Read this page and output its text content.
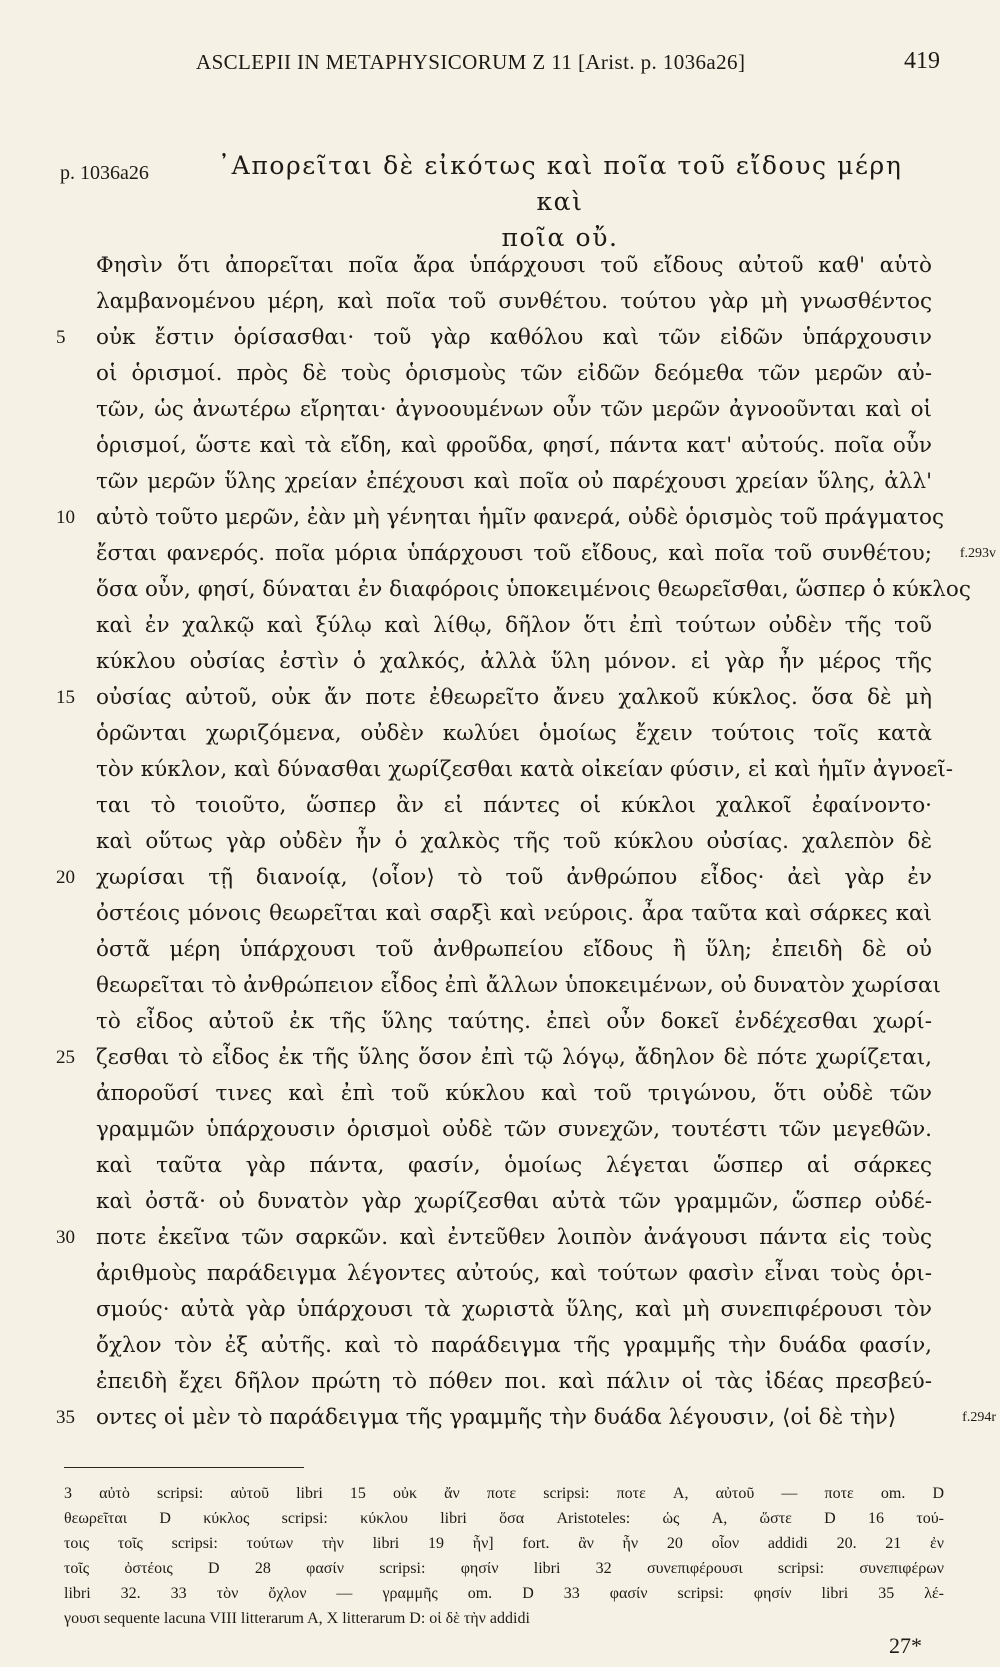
ASCLEPII IN METAPHYSICORUM Z 11 [Arist. p. 1036a26]	419
p. 1036a26	᾿Απορεῖται δὲ εἰκότως καὶ ποῖα τοῦ εἴδους μέρη καὶ
ποῖα οὔ.
Φησὶν ὅτι ἀπορεῖται ποῖα ἄρα ὑπάρχουσι τοῦ εἴδους αὐτοῦ καθ' αὑτὸ
λαμβανομένου μέρη, καὶ ποῖα τοῦ συνθέτου. τούτου γὰρ μὴ γνωσθέντος
5 οὐκ ἔστιν ὁρίσασθαι· τοῦ γὰρ καθόλου καὶ τῶν εἰδῶν ὑπάρχουσιν
οἱ ὁρισμοί. πρὸς δὲ τοὺς ὁρισμοὺς τῶν εἰδῶν δεόμεθα τῶν μερῶν αὐ-
τῶν, ὡς ἀνωτέρω εἴρηται· ἀγνοουμένων οὖν τῶν μερῶν ἀγνοοῦνται καὶ οἱ
ὁρισμοί, ὥστε καὶ τὰ εἴδη, καὶ φροῦδα, φησί, πάντα κατ' αὐτούς. ποῖα οὖν
τῶν μερῶν ὕλης χρείαν ἐπέχουσι καὶ ποῖα οὐ παρέχουσι χρείαν ὕλης, ἀλλ'
10 αὐτὸ τοῦτο μερῶν, ἐὰν μὴ γένηται ἡμῖν φανερά, οὐδὲ ὁρισμὸς τοῦ πράγματος
ἔσται φανερός. ποῖα μόρια ὑπάρχουσι τοῦ εἴδους, καὶ ποῖα τοῦ συνθέτου; f.293v
ὅσα οὖν, φησί, δύναται ἐν διαφόροις ὑποκειμένοις θεωρεῖσθαι, ὥσπερ ὁ κύκλος
καὶ ἐν χαλκῷ καὶ ξύλῳ καὶ λίθῳ, δῆλον ὅτι ἐπὶ τούτων οὐδὲν τῆς τοῦ
κύκλου οὐσίας ἐστὶν ὁ χαλκός, ἀλλὰ ὕλη μόνον. εἰ γὰρ ἦν μέρος τῆς
15 οὐσίας αὐτοῦ, οὐκ ἄν ποτε ἐθεωρεῖτο ἄνευ χαλκοῦ κύκλος. ὅσα δὲ μὴ
ὁρῶνται χωριζόμενα, οὐδὲν κωλύει ὁμοίως ἔχειν τούτοις τοῖς κατὰ
τὸν κύκλον, καὶ δύνασθαι χωρίζεσθαι κατὰ οἰκείαν φύσιν, εἰ καὶ ἡμῖν ἀγνοεῖ-
ται τὸ τοιοῦτο, ὥσπερ ἂν εἰ πάντες οἱ κύκλοι χαλκοῖ ἐφαίνοντο·
καὶ οὕτως γὰρ οὐδὲν ἦν ὁ χαλκὸς τῆς τοῦ κύκλου οὐσίας. χαλεπὸν δὲ
20 χωρίσαι τῇ διανοίᾳ, ⟨οἷον⟩ τὸ τοῦ ἀνθρώπου εἶδος· ἀεὶ γὰρ ἐν
ὀστέοις μόνοις θεωρεῖται καὶ σαρξὶ καὶ νεύροις. ἆρα ταῦτα καὶ σάρκες καὶ
ὀστᾶ μέρη ὑπάρχουσι τοῦ ἀνθρωπείου εἴδους ἢ ὕλη; ἐπειδὴ δὲ οὐ
θεωρεῖται τὸ ἀνθρώπειον εἶδος ἐπὶ ἄλλων ὑποκειμένων, οὐ δυνατὸν χωρίσαι
τὸ εἶδος αὐτοῦ ἐκ τῆς ὕλης ταύτης. ἐπεὶ οὖν δοκεῖ ἐνδέχεσθαι χωρί-
25 ζεσθαι τὸ εἶδος ἐκ τῆς ὕλης ὅσον ἐπὶ τῷ λόγῳ, ἄδηλον δὲ πότε χωρίζεται,
ἀποροῦσί τινες καὶ ἐπὶ τοῦ κύκλου καὶ τοῦ τριγώνου, ὅτι οὐδὲ τῶν
γραμμῶν ὑπάρχουσιν ὁρισμοὶ οὐδὲ τῶν συνεχῶν, τουτέστι τῶν μεγεθῶν.
καὶ ταῦτα γὰρ πάντα, φασίν, ὁμοίως λέγεται ὥσπερ αἱ σάρκες
καὶ ὀστᾶ· οὐ δυνατὸν γὰρ χωρίζεσθαι αὐτὰ τῶν γραμμῶν, ὥσπερ οὐδέ-
30 ποτε ἐκεῖνα τῶν σαρκῶν. καὶ ἐντεῦθεν λοιπὸν ἀνάγουσι πάντα εἰς τοὺς
ἀριθμοὺς παράδειγμα λέγοντες αὐτούς, καὶ τούτων φασὶν εἶναι τοὺς ὁρι-
σμούς· αὐτὰ γὰρ ὑπάρχουσι τὰ χωριστὰ ὕλης, καὶ μὴ συνεπιφέρουσι τὸν
ὄχλον τὸν ἐξ αὐτῆς. καὶ τὸ παράδειγμα τῆς γραμμῆς τὴν δυάδα φασίν,
ἐπειδὴ ἔχει δῆλον πρώτη τὸ πόθεν ποι. καὶ πάλιν οἱ τὰς ἰδέας πρεσβεύ-
35 οντες οἱ μὲν τὸ παράδειγμα τῆς γραμμῆς τὴν δυάδα λέγουσιν, ⟨οἱ δὲ τὴν⟩	f.294r
3 αὐτὸ scripsi: αὐτοῦ libri 15 οὐκ ἄν ποτε scripsi: ποτε A, αὐτοῦ — ποτε om. D
θεωρεῖται D κύκλος scripsi: κύκλου libri ὅσα Aristoteles: ὡς A, ὥστε D 16 τού-
τοις τοῖς scripsi: τούτων τὴν libri 19 ἦν] fort. ἂν ἦν 20 οἷον addidi 20. 21 ἐν
τοῖς ὀστέοις D 28 φασίν scripsi: φησίν libri 32 συνεπιφέρουσι scripsi: συνεπιφέρων
libri 32. 33 τὸν ὄχλον — γραμμῆς om. D 33 φασίν scripsi: φησίν libri 35 λέ-
γουσι sequente lacuna VIII litterarum A, X litterarum D: οἱ δὲ τὴν addidi
27*
